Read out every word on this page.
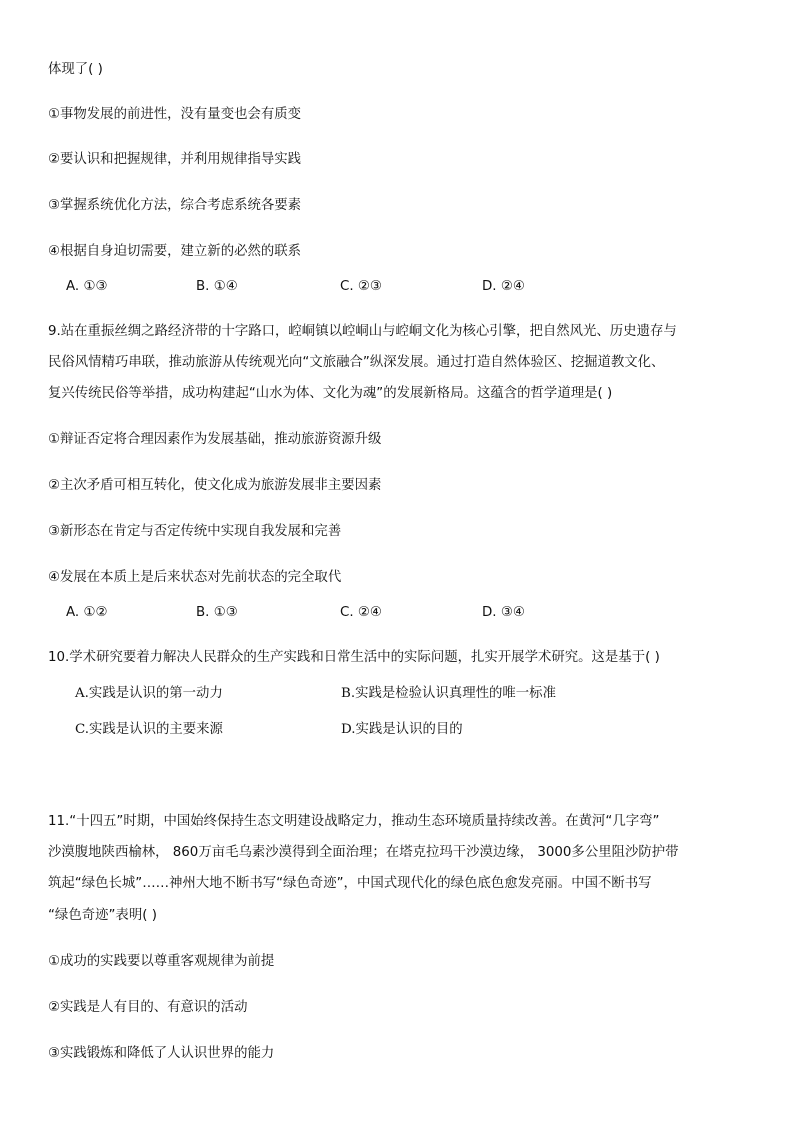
体现了( )
①事物发展的前进性，没有量变也会有质变
②要认识和把握规律，并利用规律指导实践
③掌握系统优化方法，综合考虑系统各要素
④根据自身迫切需要，建立新的必然的联系
A. ①③	B. ①④	C. ②③	D. ②④
9.站在重振丝绸之路经济带的十字路口，崆峒镇以崆峒山与崆峒文化为核心引擎，把自然风光、历史遗存与
民俗风情精巧串联，推动旅游从传统观光向“文旅融合”纵深发展。通过打造自然体验区、挖掘道教文化、
复兴传统民俗等举措，成功构建起“山水为体、文化为魂”的发展新格局。这蕴含的哲学道理是( )
①辩证否定将合理因素作为发展基础，推动旅游资源升级
②主次矛盾可相互转化，使文化成为旅游发展非主要因素
③新形态在肯定与否定传统中实现自我发展和完善
④发展在本质上是后来状态对先前状态的完全取代
A. ①②	B. ①③	C. ②④	D. ③④
10.学术研究要着力解决人民群众的生产实践和日常生活中的实际问题，扎实开展学术研究。这是基于( )
A.实践是认识的第一动力	B.实践是检验认识真理性的唯一标准
C.实践是认识的主要来源	D.实践是认识的目的
11.“十四五”时期，中国始终保持生态文明建设战略定力，推动生态环境质量持续改善。在黄河“几字弯”
沙漠腹地陕西榆林， 860万亩毛乌素沙漠得到全面治理；在塔克拉玛干沙漠边缘， 3000多公里阻沙防护带
筑起“绿色长城”……神州大地不断书写“绿色奇迹”，中国式现代化的绿色底色愈发亮丽。中国不断书写
“绿色奇迹”表明( )
①成功的实践要以尊重客观规律为前提
②实践是人有目的、有意识的活动
③实践锻炼和降低了人认识世界的能力
